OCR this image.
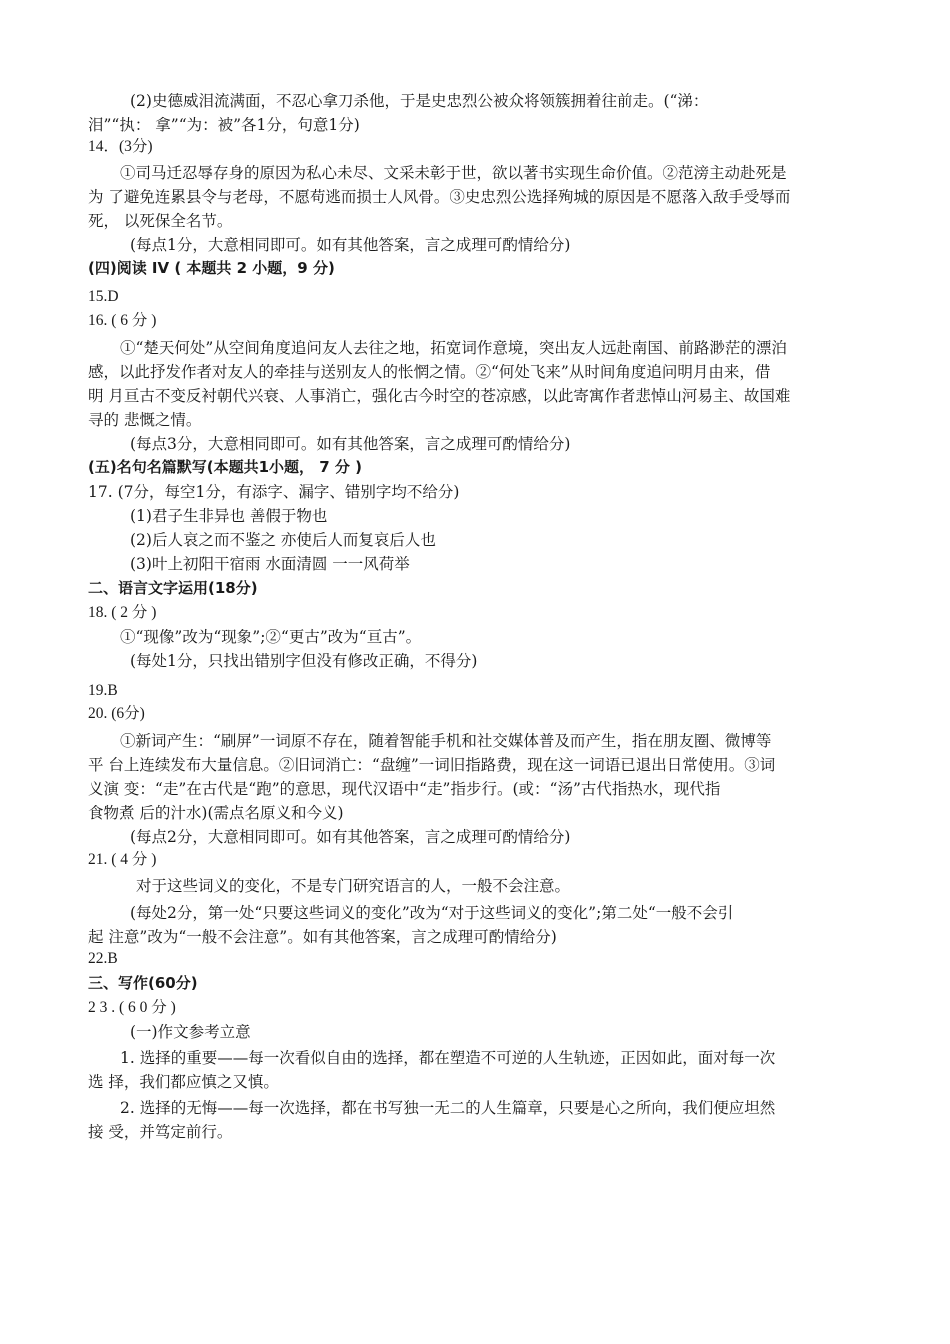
(2)史德威泪流满面，不忍心拿刀杀他，于是史忠烈公被众将领簇拥着往前走。(“涕：
泪”“执： 拿”“为：被”各1分，句意1分)
14．(3分)
①司马迁忍辱存身的原因为私心未尽、文采未彰于世，欲以著书实现生命价值。②范滂主动赴死是
为 了避免连累县令与老母，不愿苟逃而损士人风骨。③史忠烈公选择殉城的原因是不愿落入敌手受辱而
死， 以死保全名节。
(每点1分，大意相同即可。如有其他答案，言之成理可酌情给分)
(四)阅读 IV ( 本题共 2 小题，9 分)
15.D
16. ( 6 分 )
①“楚天何处”从空间角度追问友人去往之地，拓宽词作意境，突出友人远赴南国、前路渺茫的漂泊
感，以此抒发作者对友人的牵挂与送别友人的怅惘之情。②“何处飞来”从时间角度追问明月由来，借
明 月亘古不变反衬朝代兴衰、人事消亡，强化古今时空的苍凉感，以此寄寓作者悲悼山河易主、故国难
寻的 悲慨之情。
(每点3分，大意相同即可。如有其他答案，言之成理可酌情给分)
(五)名句名篇默写(本题共1小题， 7 分 )
17. (7分，每空1分，有添字、漏字、错别字均不给分)
(1)君子生非异也 善假于物也
(2)后人哀之而不鉴之 亦使后人而复哀后人也
(3)叶上初阳干宿雨 水面清圆 一一风荷举
二、语言文字运用(18分)
18. ( 2 分 )
①“现像”改为“现象”;②“更古”改为“亘古”。
(每处1分，只找出错别字但没有修改正确，不得分)
19.B
20. (6分)
①新词产生：“刷屏”一词原不存在，随着智能手机和社交媒体普及而产生，指在朋友圈、微博等
平 台上连续发布大量信息。②旧词消亡：“盘缠”一词旧指路费，现在这一词语已退出日常使用。③词
义演 变：“走”在古代是“跑”的意思，现代汉语中“走”指步行。(或：“汤”古代指热水，现代指
食物煮 后的汁水)(需点名原义和今义)
(每点2分，大意相同即可。如有其他答案，言之成理可酌情给分)
21. ( 4 分 )
对于这些词义的变化，不是专门研究语言的人，一般不会注意。
(每处2分，第一处“只要这些词义的变化”改为“对于这些词义的变化”;第二处“一般不会引
起 注意”改为“一般不会注意”。如有其他答案，言之成理可酌情给分)
22.B
三、写作(60分)
2 3 . ( 6 0 分 )
(一)作文参考立意
1. 选择的重要——每一次看似自由的选择，都在塑造不可逆的人生轨迹，正因如此，面对每一次
选 择，我们都应慎之又慎。
2. 选择的无悔——每一次选择，都在书写独一无二的人生篇章，只要是心之所向，我们便应坦然
接 受，并笃定前行。
